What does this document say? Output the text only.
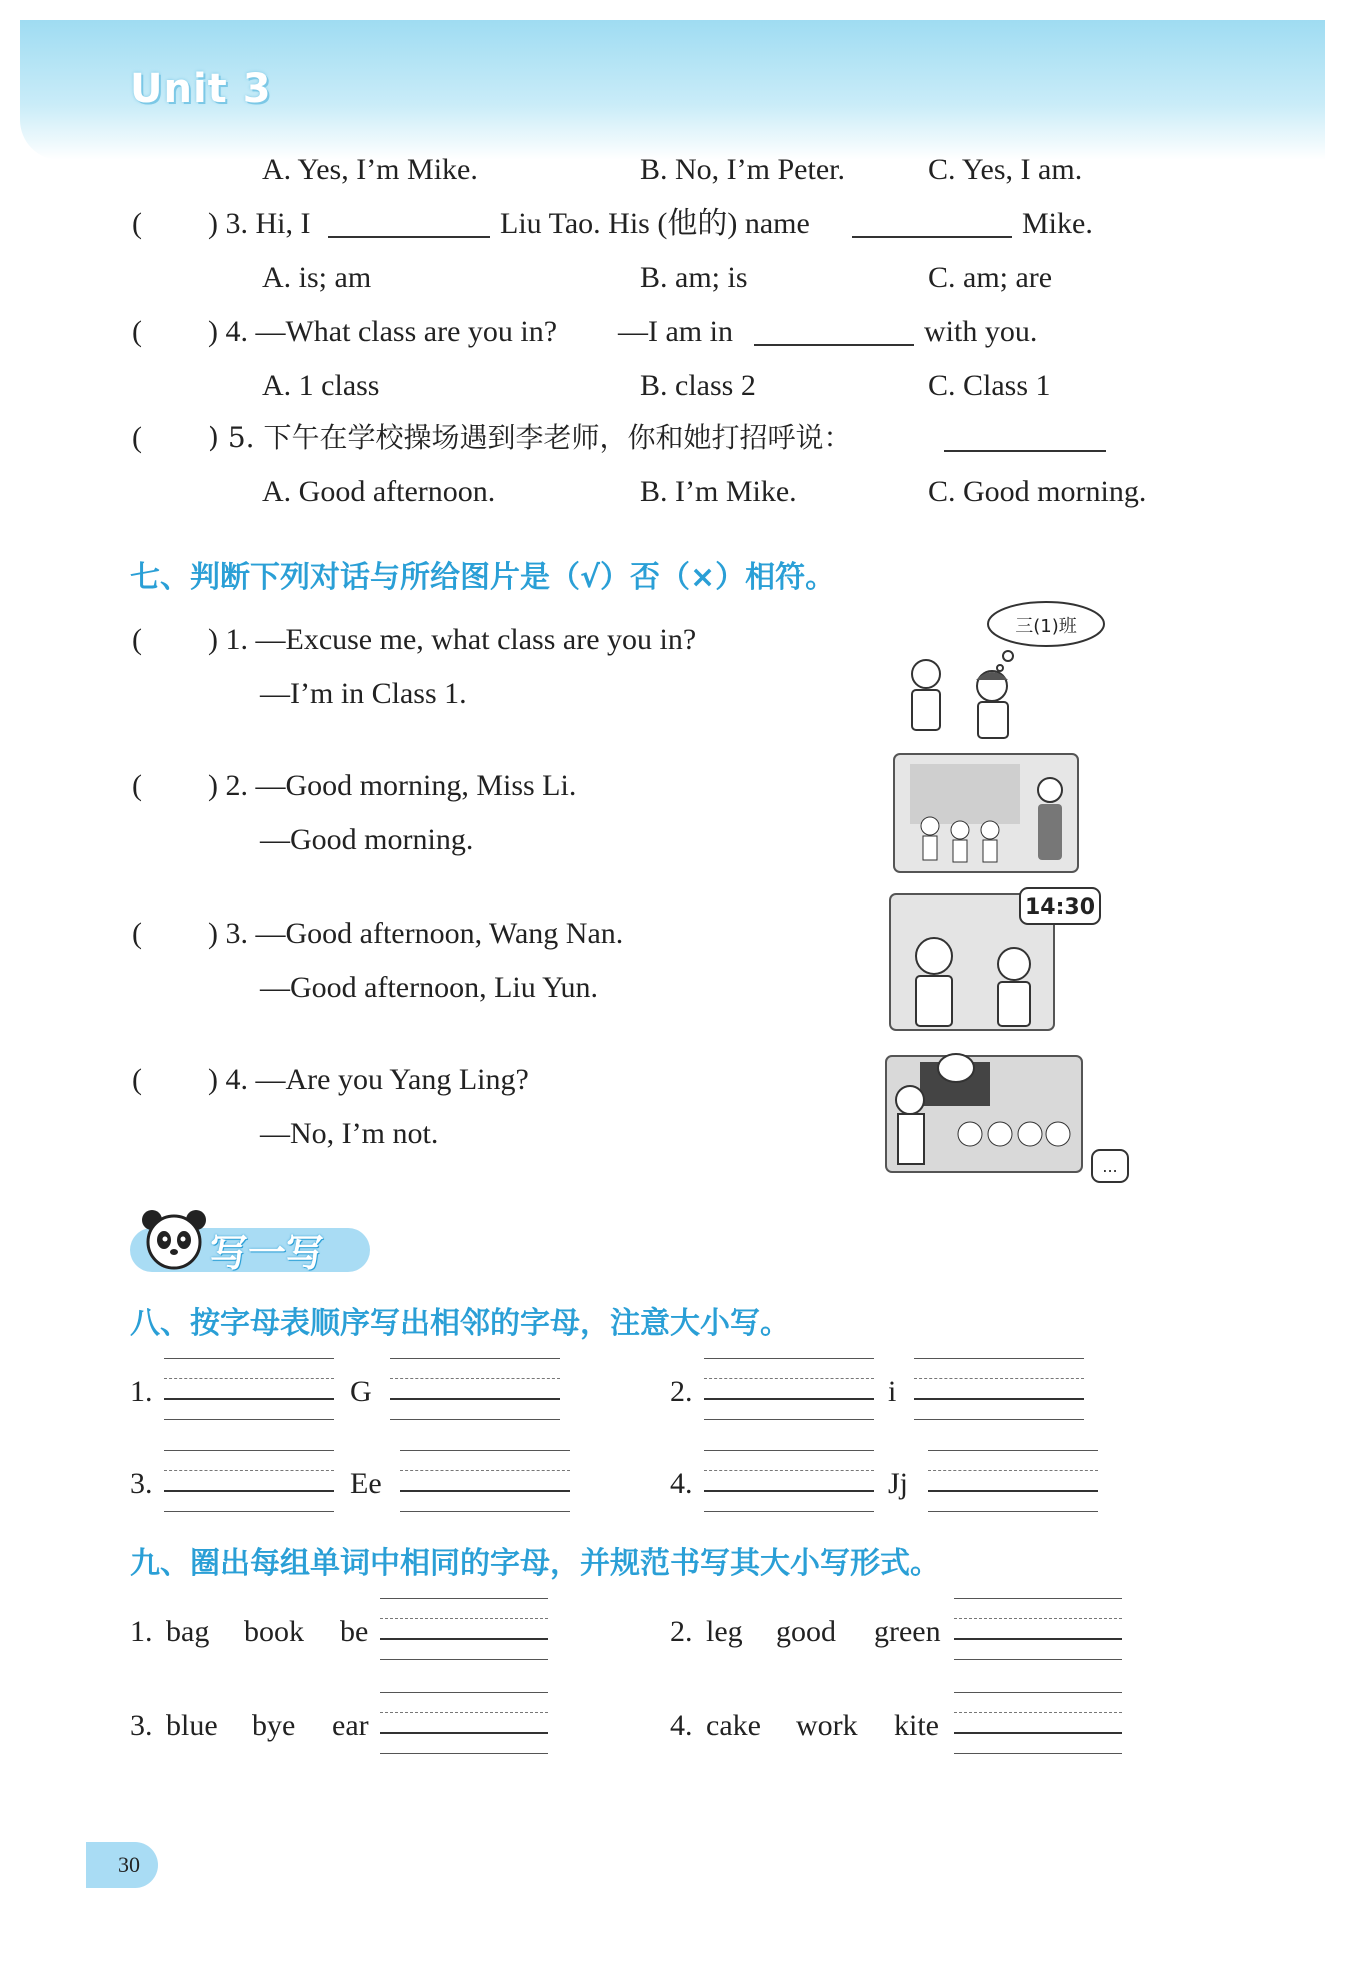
Unit 3
A. Yes, I’m Mike.	B. No, I’m Peter.	C. Yes, I am.
( ) 3. Hi, I	Liu Tao. His (他的) name	Mike.
A. is; am	B. am; is	C. am; are
( ) 4. —What class are you in? —I am in	with you.
A. 1 class	B. class 2	C. Class 1
( ) 5. 下午在学校操场遇到李老师，你和她打招呼说：
A. Good afternoon.	B. I’m Mike.	C. Good morning.
七、判断下列对话与所给图片是（√）否（×）相符。
( ) 1. —Excuse me, what class are you in?
—I’m in Class 1.
( ) 2. —Good morning, Miss Li.
—Good morning.
( ) 3. —Good afternoon, Wang Nan.
—Good afternoon, Liu Yun.
( ) 4. —Are you Yang Ling?
—No, I’m not.
三(1)班
14:30
...
写一写
八、按字母表顺序写出相邻的字母，注意大小写。
1.	G	2.	i
3.	Ee	4.	Jj
九、圈出每组单词中相同的字母，并规范书写其大小写形式。
1. bag book be	2. leg good green
3. blue bye ear	4. cake work kite
30
